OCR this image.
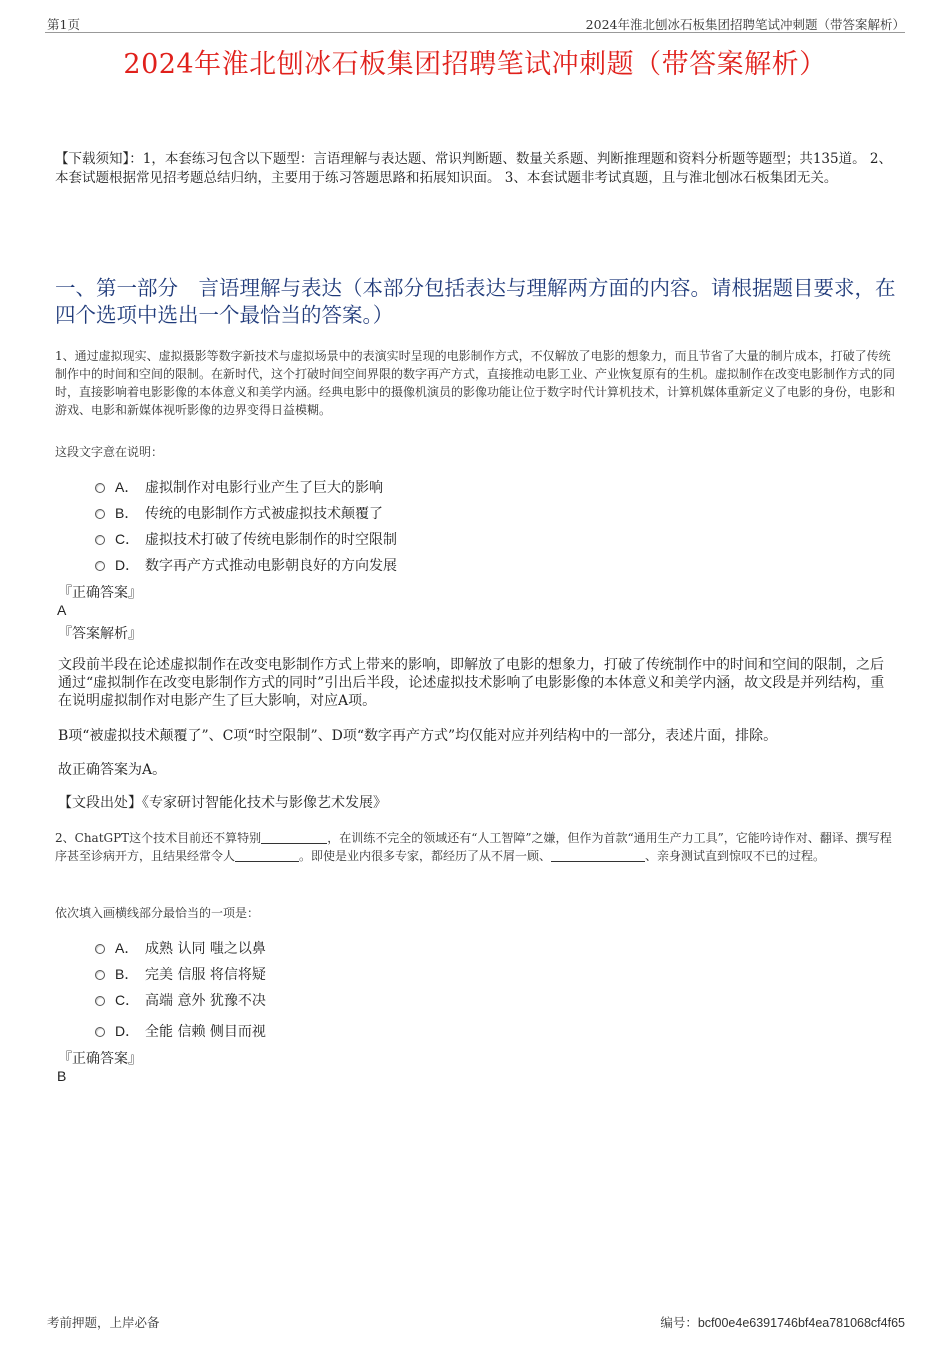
第1页	2024年淮北刨冰石板集团招聘笔试冲刺题（带答案解析）
2024年淮北刨冰石板集团招聘笔试冲刺题（带答案解析）
【下载须知】：1，本套练习包含以下题型：言语理解与表达题、常识判断题、数量关系题、判断推理题和资料分析题等题型；共135道。 2、本套试题根据常见招考题总结归纳，主要用于练习答题思路和拓展知识面。 3、本套试题非考试真题，且与淮北刨冰石板集团无关。
一、第一部分　言语理解与表达（本部分包括表达与理解两方面的内容。请根据题目要求，在四个选项中选出一个最恰当的答案。）
1、通过虚拟现实、虚拟摄影等数字新技术与虚拟场景中的表演实时呈现的电影制作方式，不仅解放了电影的想象力，而且节省了大量的制片成本，打破了传统制作中的时间和空间的限制。在新时代，这个打破时间空间界限的数字再产方式，直接推动电影工业、产业恢复原有的生机。虚拟制作在改变电影制作方式的同时，直接影响着电影影像的本体意义和美学内涵。经典电影中的摄像机演员的影像功能让位于数字时代计算机技术，计算机媒体重新定义了电影的身份，电影和游戏、电影和新媒体视听影像的边界变得日益模糊。
这段文字意在说明：
A． 虚拟制作对电影行业产生了巨大的影响
B． 传统的电影制作方式被虚拟技术颠覆了
C． 虚拟技术打破了传统电影制作的时空限制
D． 数字再产方式推动电影朝良好的方向发展
『正确答案』
A
『答案解析』
文段前半段在论述虚拟制作在改变电影制作方式上带来的影响，即解放了电影的想象力，打破了传统制作中的时间和空间的限制，之后通过“虚拟制作在改变电影制作方式的同时”引出后半段，论述虚拟技术影响了电影影像的本体意义和美学内涵，故文段是并列结构，重在说明虚拟制作对电影产生了巨大影响，对应A项。
B项“被虚拟技术颠覆了”、C项“时空限制”、D项“数字再产方式”均仅能对应并列结构中的一部分，表述片面，排除。
故正确答案为A。
【文段出处】《专家研讨智能化技术与影像艺术发展》
2、ChatGPT这个技术目前还不算特别	，在训练不完全的领域还有“人工智障”之嫌，但作为首款“通用生产力工具”，它能吟诗作对、翻译、撰写程序甚至诊病开方，且结果经常令人	。即使是业内很多专家，都经历了从不屑一顾、	、亲身测试直到惊叹不已的过程。
依次填入画横线部分最恰当的一项是：
A． 成熟 认同 嗤之以鼻
B． 完美 信服 将信将疑
C． 高端 意外 犹豫不决
D． 全能 信赖 侧目而视
『正确答案』
B
考前押题，上岸必备	编号：bcf00e4e6391746bf4ea781068cf4f65
